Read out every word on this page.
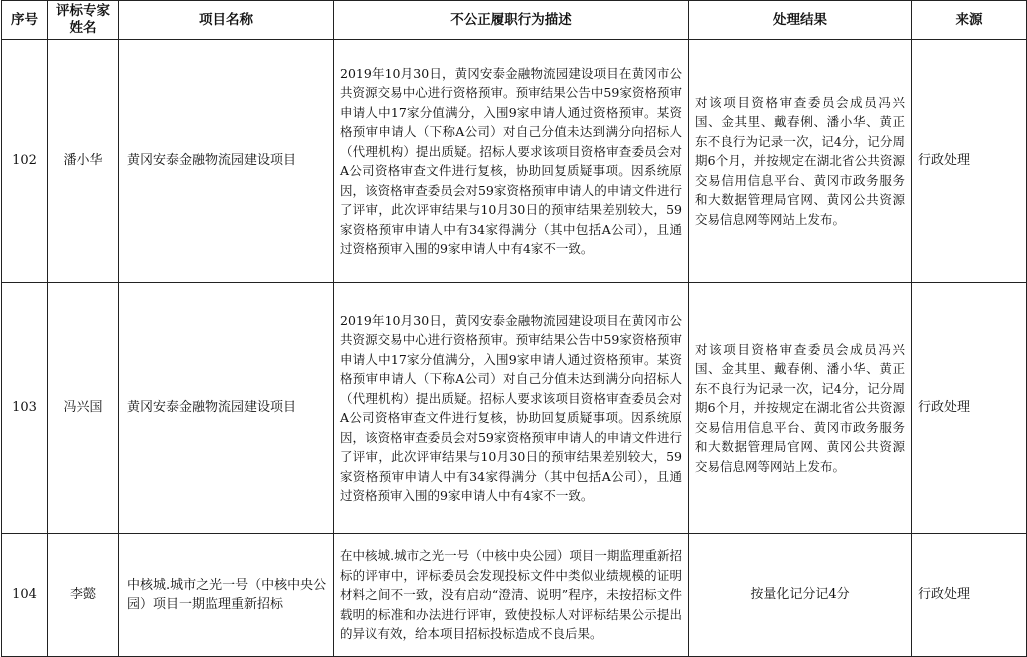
序号	评标专家姓名	项目名称	不公正履职行为描述	处理结果	来源
102	潘小华	黄冈安泰金融物流园建设项目	2019年10月30日，黄冈安泰金融物流园建设项目在黄冈市公共资源交易中心进行资格预审。预审结果公告中59家资格预审申请人中17家分值满分，入围9家申请人通过资格预审。某资格预审申请人（下称A公司）对自己分值未达到满分向招标人（代理机构）提出质疑。招标人要求该项目资格审查委员会对A公司资格审查文件进行复核，协助回复质疑事项。因系统原因，该资格审查委员会对59家资格预审申请人的申请文件进行了评审，此次评审结果与10月30日的预审结果差别较大，59家资格预审申请人中有34家得满分（其中包括A公司），且通过资格预审入围的9家申请人中有4家不一致。	对该项目资格审查委员会成员冯兴国、金其里、戴春俐、潘小华、黄正东不良行为记录一次，记4分，记分周期6个月，并按规定在湖北省公共资源交易信用信息平台、黄冈市政务服务和大数据管理局官网、黄冈公共资源交易信息网等网站上发布。	行政处理
103	冯兴国	黄冈安泰金融物流园建设项目	2019年10月30日，黄冈安泰金融物流园建设项目在黄冈市公共资源交易中心进行资格预审。预审结果公告中59家资格预审申请人中17家分值满分，入围9家申请人通过资格预审。某资格预审申请人（下称A公司）对自己分值未达到满分向招标人（代理机构）提出质疑。招标人要求该项目资格审查委员会对A公司资格审查文件进行复核，协助回复质疑事项。因系统原因，该资格审查委员会对59家资格预审申请人的申请文件进行了评审，此次评审结果与10月30日的预审结果差别较大，59家资格预审申请人中有34家得满分（其中包括A公司），且通过资格预审入围的9家申请人中有4家不一致。	对该项目资格审查委员会成员冯兴国、金其里、戴春俐、潘小华、黄正东不良行为记录一次，记4分，记分周期6个月，并按规定在湖北省公共资源交易信用信息平台、黄冈市政务服务和大数据管理局官网、黄冈公共资源交易信息网等网站上发布。	行政处理
104	李懿	中核城.城市之光一号（中核中央公园）项目一期监理重新招标	在中核城.城市之光一号（中核中央公园）项目一期监理重新招标的评审中，评标委员会发现投标文件中类似业绩规模的证明材料之间不一致，没有启动“澄清、说明”程序，未按招标文件载明的标准和办法进行评审，致使投标人对评标结果公示提出的异议有效，给本项目招标投标造成不良后果。	按量化记分记4分	行政处理
